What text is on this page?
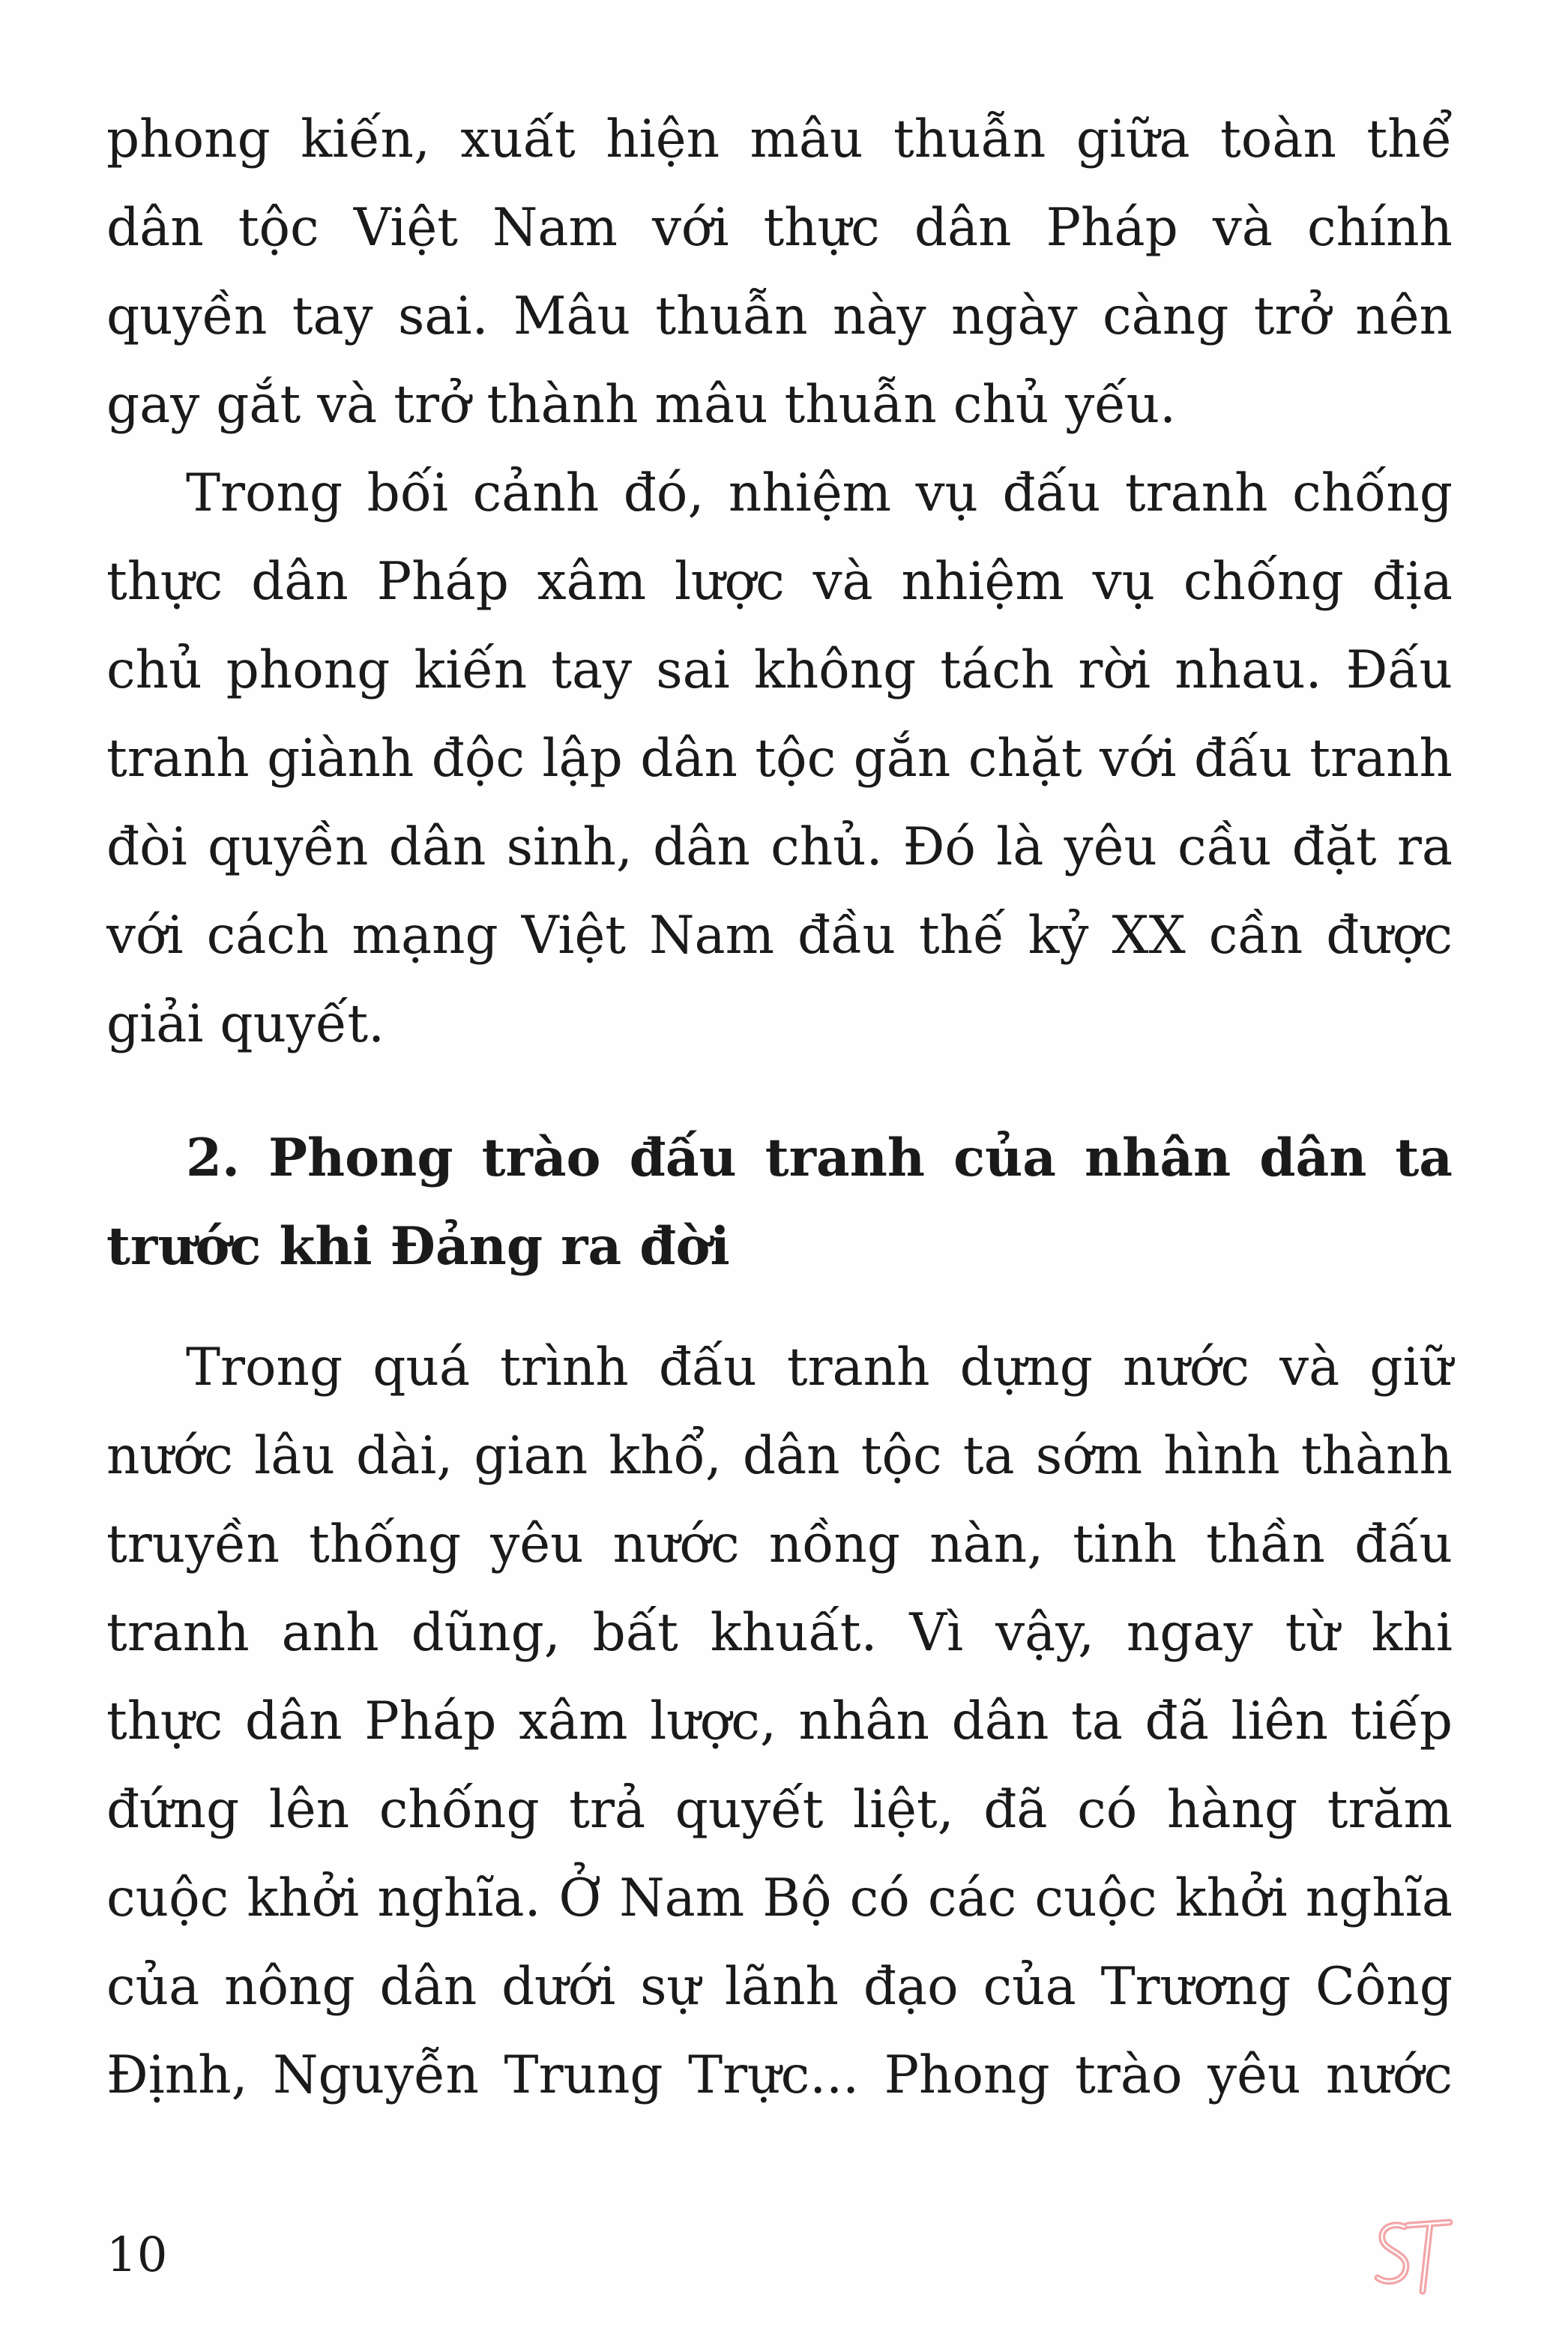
phong kiến, xuất hiện mâu thuẫn giữa toàn thể
dân tộc Việt Nam với thực dân Pháp và chính
quyền tay sai. Mâu thuẫn này ngày càng trở nên
gay gắt và trở thành mâu thuẫn chủ yếu.
Trong bối cảnh đó, nhiệm vụ đấu tranh chống
thực dân Pháp xâm lược và nhiệm vụ chống địa
chủ phong kiến tay sai không tách rời nhau. Đấu
tranh giành độc lập dân tộc gắn chặt với đấu tranh
đòi quyền dân sinh, dân chủ. Đó là yêu cầu đặt ra
với cách mạng Việt Nam đầu thế kỷ XX cần được
giải quyết.
2. Phong trào đấu tranh của nhân dân ta
trước khi Đảng ra đời
Trong quá trình đấu tranh dựng nước và giữ
nước lâu dài, gian khổ, dân tộc ta sớm hình thành
truyền thống yêu nước nồng nàn, tinh thần đấu
tranh anh dũng, bất khuất. Vì vậy, ngay từ khi
thực dân Pháp xâm lược, nhân dân ta đã liên tiếp
đứng lên chống trả quyết liệt, đã có hàng trăm
cuộc khởi nghĩa. Ở Nam Bộ có các cuộc khởi nghĩa
của nông dân dưới sự lãnh đạo của Trương Công
Định, Nguyễn Trung Trực... Phong trào yêu nước
10
